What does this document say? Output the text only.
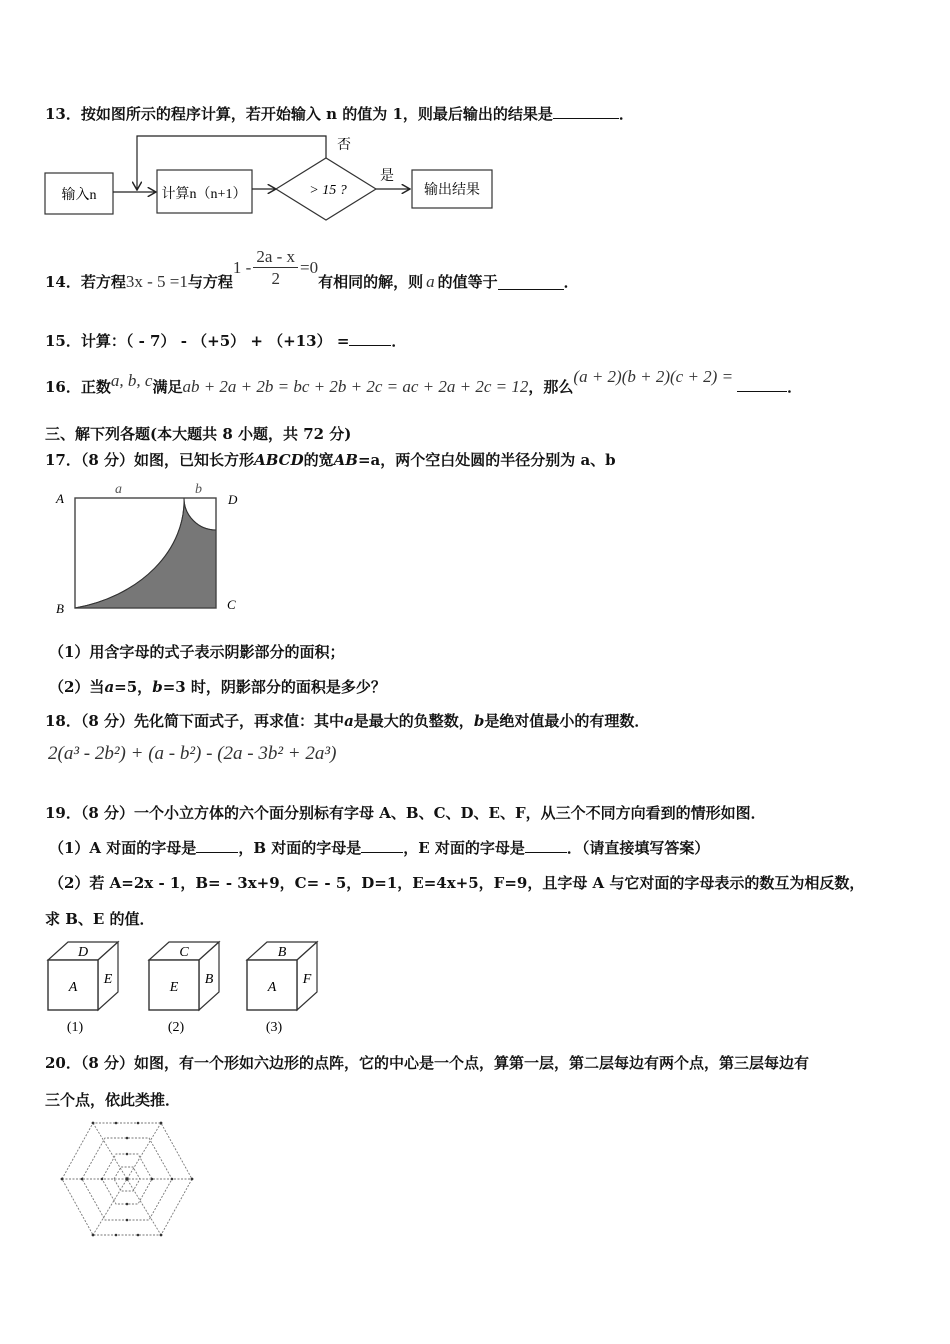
13．按如图所示的程序计算，若开始输入 n 的值为 1，则最后输出的结果是	．
输入n	计算n（n+1）	> 15 ?
否
是
输出结果
14．若方程3x - 5 =1与方程$1 - \frac{2a - x}{2} =0$有相同的解，则 a 的值等于	．
15．计算：（ - 7） - （+5） + （+13） =	．
16．正数a, b, c满足ab + 2a + 2b = bc + 2b + 2c = ac + 2a + 2c = 12，那么(a + 2)(b + 2)(c + 2) =．
三、解下列各题(本大题共 8 小题，共 72 分)
17．（8 分）如图，已知长方形ABCD的宽AB=a，两个空白处圆的半径分别为 a、b
A
B	C
D
a	b
（1）用含字母的式子表示阴影部分的面积；
（2）当a=5，b=3 时，阴影部分的面积是多少？
18．（8 分）先化简下面式子，再求值：其中a是最大的负整数，b是绝对值最小的有理数．
2(a³ - 2b²) + (a - b²) - (2a - 3b² + 2a³)
19．（8 分）一个小立方体的六个面分别标有字母 A、B、C、D、E、F，从三个不同方向看到的情形如图．
（1）A 对面的字母是	，B 对面的字母是	，E 对面的字母是	．（请直接填写答案）
（2）若 A=2x - 1，B= - 3x+9，C= - 5，D=1，E=4x+5，F=9，且字母 A 与它对面的字母表示的数互为相反数，
求 B、E 的值．
D
A
E
(1)
C
E
B
(2)
B
A
F
(3)
20．（8 分）如图，有一个形如六边形的点阵，它的中心是一个点，算第一层，第二层每边有两个点，第三层每边有
三个点，依此类推．
